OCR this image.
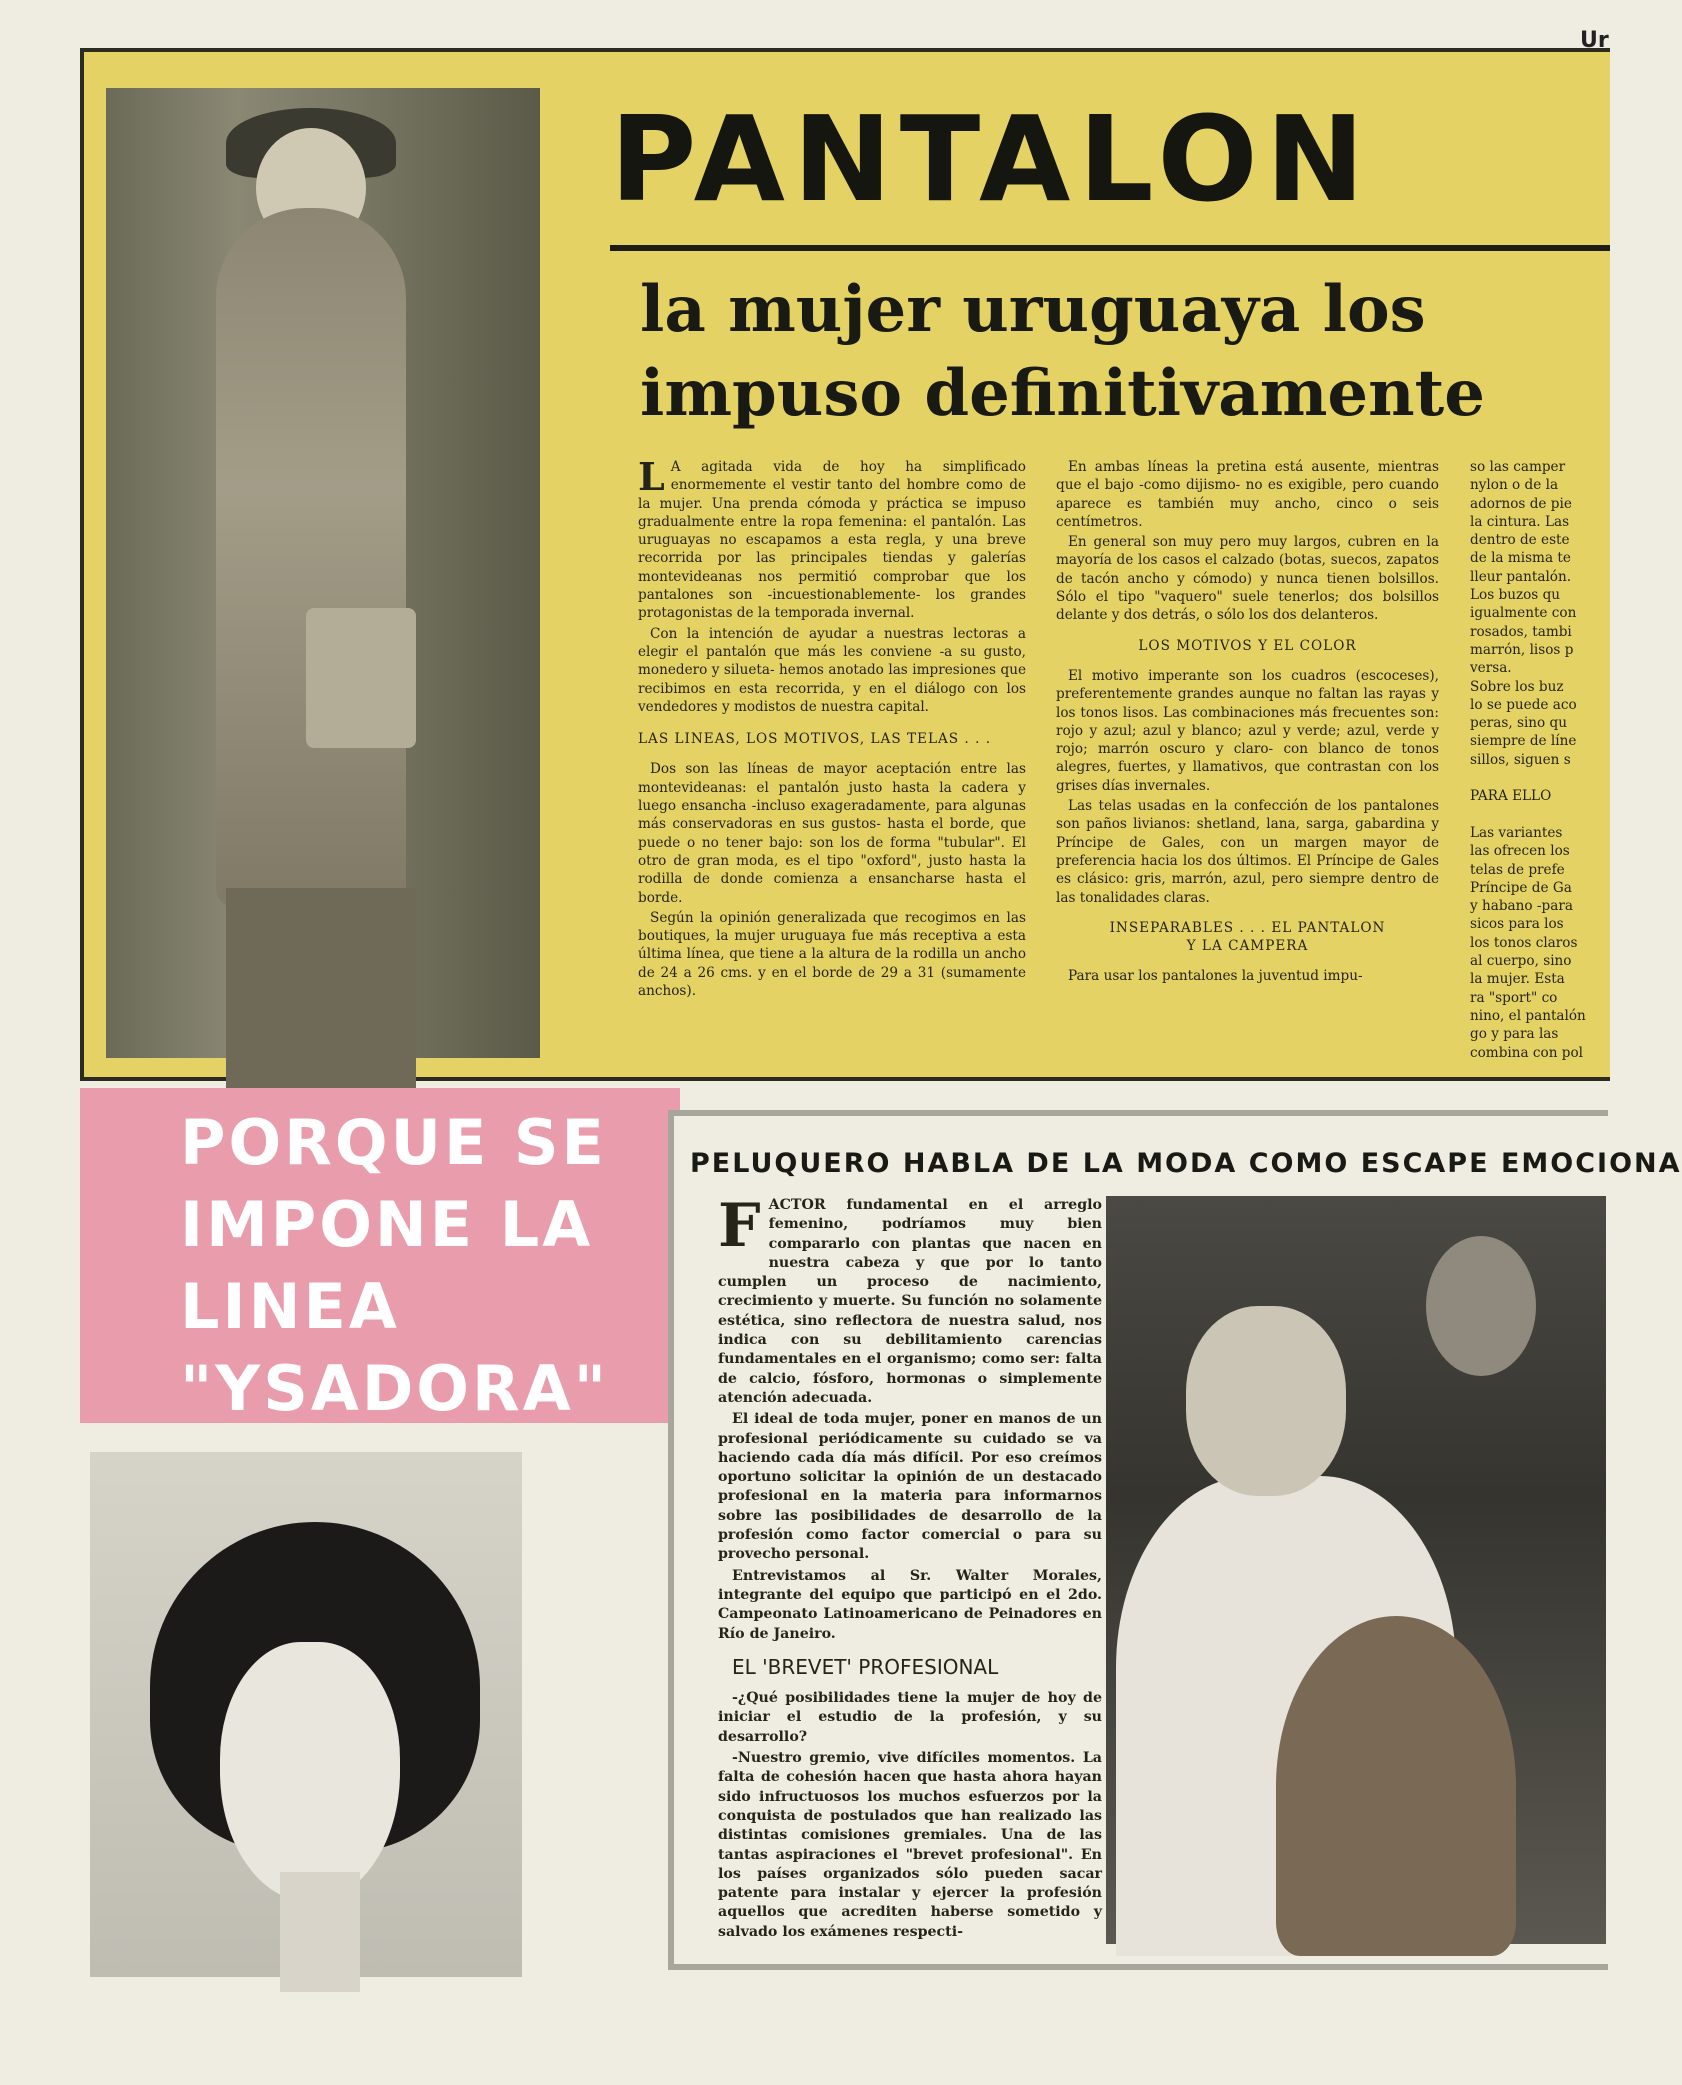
Ur
PANTALON
la mujer uruguaya los
impuso definitivamente

L A agitada vida de hoy ha simplificado enormemente el vestir tanto del hombre como de la mujer. Una prenda cómoda y práctica se impuso gradualmente entre la ropa femenina: el pantalón. Las uruguayas no escapamos a esta regla, y una breve recorrida por las principales tiendas y galerías montevideanas nos permitió comprobar que los pantalones son -incuestionablemente- los grandes protagonistas de la temporada invernal.

Con la intención de ayudar a nuestras lectoras a elegir el pantalón que más les conviene -a su gusto, monedero y silueta- hemos anotado las impresiones que recibimos en esta recorrida, y en el diálogo con los vendedores y modistos de nuestra capital.

LAS LINEAS, LOS MOTIVOS, LAS TELAS . . .

Dos son las líneas de mayor aceptación entre las montevideanas: el pantalón justo hasta la cadera y luego ensancha -incluso exageradamente, para algunas más conservadoras en sus gustos- hasta el borde, que puede o no tener bajo: son los de forma "tubular". El otro de gran moda, es el tipo "oxford", justo hasta la rodilla de donde comienza a ensancharse hasta el borde.

Según la opinión generalizada que recogimos en las boutiques, la mujer uruguaya fue más receptiva a esta última línea, que tiene a la altura de la rodilla un ancho de 24 a 26 cms. y en el borde de 29 a 31 (sumamente anchos).

En ambas líneas la pretina está ausente, mientras que el bajo -como dijismo- no es exigible, pero cuando aparece es también muy ancho, cinco o seis centímetros.

En general son muy pero muy largos, cubren en la mayoría de los casos el calzado (botas, suecos, zapatos de tacón ancho y cómodo) y nunca tienen bolsillos. Sólo el tipo "vaquero" suele tenerlos; dos bolsillos delante y dos detrás, o sólo los dos delanteros.

LOS MOTIVOS Y EL COLOR

El motivo imperante son los cuadros (escoceses), preferentemente grandes aunque no faltan las rayas y los tonos lisos. Las combinaciones más frecuentes son: rojo y azul; azul y blanco; azul y verde; azul, verde y rojo; marrón oscuro y claro- con blanco de tonos alegres, fuertes, y llamativos, que contrastan con los grises días invernales.

Las telas usadas en la confección de los pantalones son paños livianos: shetland, lana, sarga, gabardina y Príncipe de Gales, con un margen mayor de preferencia hacia los dos últimos. El Príncipe de Gales es clásico: gris, marrón, azul, pero siempre dentro de las tonalidades claras.

INSEPARABLES . . . EL PANTALON
Y LA CAMPERA

Para usar los pantalones la juventud impu-

so las camper
nylon o de la
adornos de pie
la cintura. Las
dentro de este
de la misma te
lleur pantalón.
Los buzos qu
igualmente con
rosados, tambi
marrón, lisos p
versa.
Sobre los buz
lo se puede aco
peras, sino qu
siempre de líne
sillos, siguen s
PARA ELLO
Las variantes
las ofrecen los
telas de prefe
Príncipe de Ga
y habano -para
sicos para los
los tonos claros
al cuerpo, sino
la mujer. Esta
ra "sport" co
nino, el pantalón
go y para las
combina con pol
PORQUE SE
IMPONE LA
LINEA
"YSADORA"
PELUQUERO HABLA DE LA MODA COMO ESCAPE EMOCIONA

FACTOR fundamental en el arreglo femenino, podríamos muy bien compararlo con plantas que nacen en nuestra cabeza y que por lo tanto cumplen un proceso de nacimiento, crecimiento y muerte. Su función no solamente estética, sino reflectora de nuestra salud, nos indica con su debilitamiento carencias fundamentales en el organismo; como ser: falta de calcio, fósforo, hormonas o simplemente atención adecuada.

El ideal de toda mujer, poner en manos de un profesional periódicamente su cuidado se va haciendo cada día más difícil. Por eso creímos oportuno solicitar la opinión de un destacado profesional en la materia para informarnos sobre las posibilidades de desarrollo de la profesión como factor comercial o para su provecho personal.

Entrevistamos al Sr. Walter Morales, integrante del equipo que participó en el 2do. Campeonato Latinoamericano de Peinadores en Río de Janeiro.

EL 'BREVET' PROFESIONAL

-¿Qué posibilidades tiene la mujer de hoy de iniciar el estudio de la profesión, y su desarrollo?

-Nuestro gremio, vive difíciles momentos. La falta de cohesión hacen que hasta ahora hayan sido infructuosos los muchos esfuerzos por la conquista de postulados que han realizado las distintas comisiones gremiales. Una de las tantas aspiraciones el "brevet profesional". En los países organizados sólo pueden sacar patente para instalar y ejercer la profesión aquellos que acrediten haberse sometido y salvado los exámenes respecti-
